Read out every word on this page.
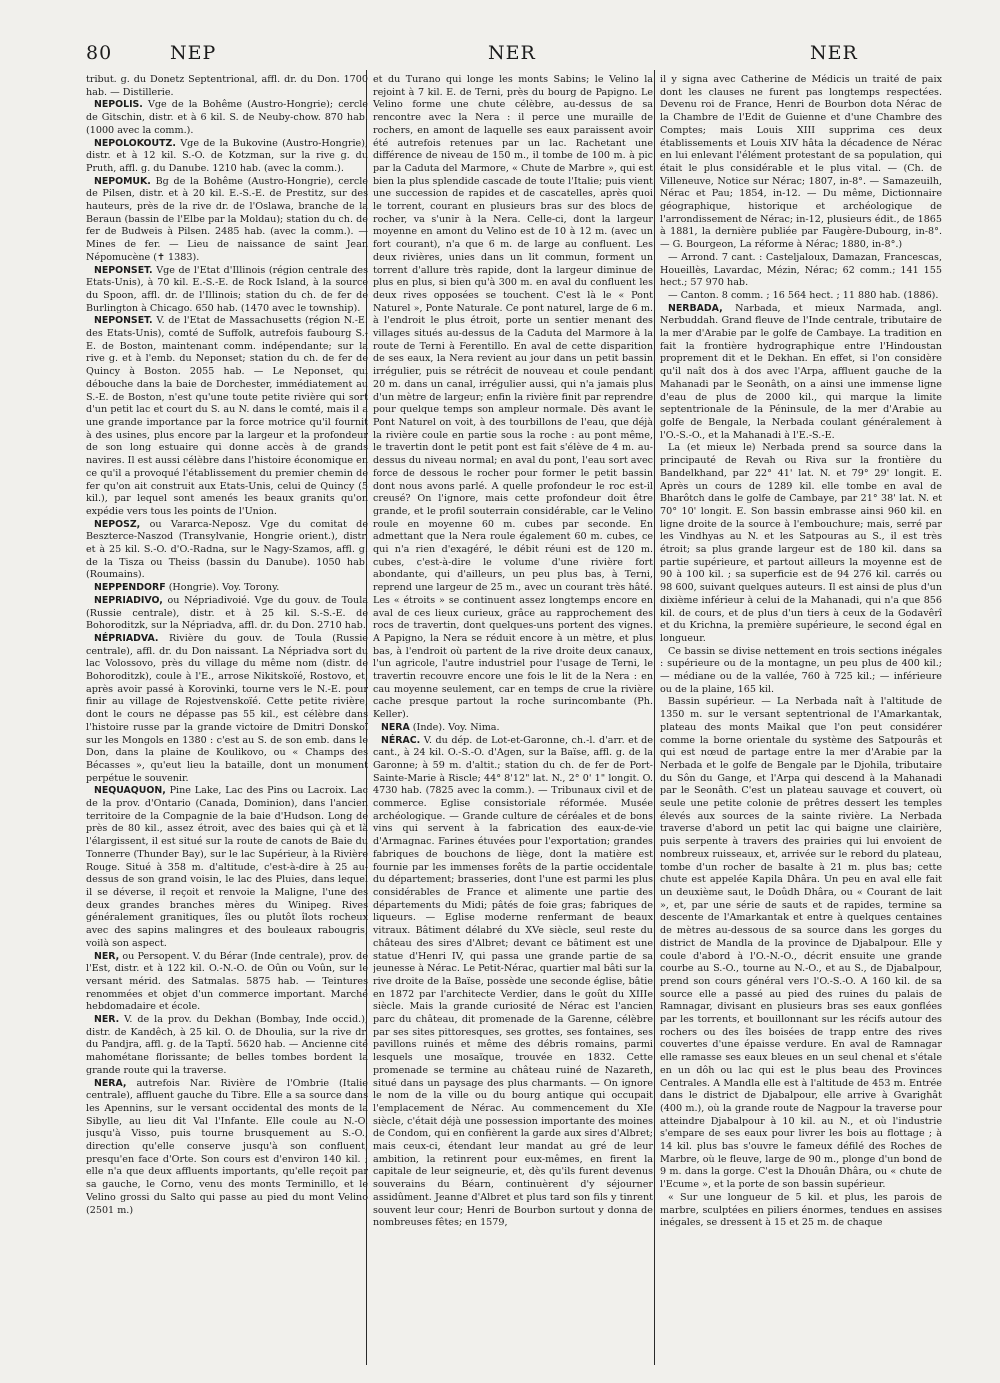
80	NEP	NER	NER

tribut. g. du Donetz Septentrional, affl. dr. du Don. 1700 hab. — Distillerie.

NEPOLIS. Vge de la Bohême (Austro-Hongrie); cercle de Gitschin, distr. et à 6 kil. S. de Neuby-chow. 870 hab. (1000 avec la comm.).

NEPOLOKOUTZ. Vge de la Bukovine (Austro-Hongrie), distr. et à 12 kil. S.-O. de Kotzman, sur la rive g. du Pruth, affl. g. du Danube. 1210 hab. (avec la comm.).

NEPOMUK. Bg de la Bohême (Austro-Hongrie), cercle de Pilsen, distr. et à 20 kil. E.-S.-E. de Prestitz, sur des hauteurs, près de la rive dr. de l'Oslawa, branche de la Beraun (bassin de l'Elbe par la Moldau); station du ch. de fer de Budweis à Pilsen. 2485 hab. (avec la comm.). — Mines de fer. — Lieu de naissance de saint Jean Népomucène (✝ 1383).

NEPONSET. Vge de l'Etat d'Illinois (région centrale des Etats-Unis), à 70 kil. E.-S.-E. de Rock Island, à la source du Spoon, affl. dr. de l'Illinois; station du ch. de fer de Burlington à Chicago. 650 hab. (1470 avec le township).

NEPONSET. V. de l'Etat de Massachusetts (région N.-E. des Etats-Unis), comté de Suffolk, autrefois faubourg S.-E. de Boston, maintenant comm. indépendante; sur la rive g. et à l'emb. du Neponset; station du ch. de fer de Quincy à Boston. 2055 hab. — Le Neponset, qui débouche dans la baie de Dorchester, immédiatement au S.-E. de Boston, n'est qu'une toute petite rivière qui sort d'un petit lac et court du S. au N. dans le comté, mais il a une grande importance par la force motrice qu'il fournit à des usines, plus encore par la largeur et la profondeur de son long estuaire qui donne accès à de grands navires. Il est aussi célèbre dans l'histoire économique en ce qu'il a provoqué l'établissement du premier chemin de fer qu'on ait construit aux Etats-Unis, celui de Quincy (5 kil.), par lequel sont amenés les beaux granits qu'on expédie vers tous les points de l'Union.

NEPOSZ, ou Vararca-Neposz. Vge du comitat de Beszterce-Naszod (Transylvanie, Hongrie orient.), distr. et à 25 kil. S.-O. d'O.-Radna, sur le Nagy-Szamos, affl. g. de la Tisza ou Theiss (bassin du Danube). 1050 hab. (Roumains).

NEPPENDORF (Hongrie). Voy. Torony.

NEPRIADIVO, ou Népriadivoié. Vge du gouv. de Toula (Russie centrale), distr. et à 25 kil. S.-S.-E. de Bohoroditzk, sur la Népriadva, affl. dr. du Don. 2710 hab.

NÉPRIADVA. Rivière du gouv. de Toula (Russie centrale), affl. dr. du Don naissant. La Népriadva sort du lac Volossovo, près du village du même nom (distr. de Bohoroditzk), coule à l'E., arrose Nikitskoïé, Rostovo, et, après avoir passé à Korovinki, tourne vers le N.-E. pour finir au village de Rojestvenskoïé. Cette petite rivière, dont le cours ne dépasse pas 55 kil., est célèbre dans l'histoire russe par la grande victoire de Dmitri Donskoï sur les Mongols en 1380 : c'est au S. de son emb. dans le Don, dans la plaine de Koulikovo, ou « Champs des Bécasses », qu'eut lieu la bataille, dont un monument perpétue le souvenir.

NEQUAQUON, Pine Lake, Lac des Pins ou Lacroix. Lac de la prov. d'Ontario (Canada, Dominion), dans l'ancien territoire de la Compagnie de la baie d'Hudson. Long de près de 80 kil., assez étroit, avec des baies qui çà et là l'élargissent, il est situé sur la route de canots de Baie du Tonnerre (Thunder Bay), sur le lac Supérieur, à la Rivière Rouge. Situé à 358 m. d'altitude, c'est-à-dire à 25 au-dessus de son grand voisin, le lac des Pluies, dans lequel il se déverse, il reçoit et renvoie la Maligne, l'une des deux grandes branches mères du Winipeg. Rives généralement granitiques, îles ou plutôt îlots rocheux avec des sapins malingres et des bouleaux rabougris, voilà son aspect.

NER, ou Persopent. V. du Bérar (Inde centrale), prov. de l'Est, distr. et à 122 kil. O.-N.-O. de Oûn ou Voûn, sur le versant mérid. des Satmalas. 5875 hab. — Teintures renommées et objet d'un commerce important. Marché hebdomadaire et école.

NER. V. de la prov. du Dekhan (Bombay, Inde occid.), distr. de Kandêch, à 25 kil. O. de Dhoulia, sur la rive dr. du Pandjra, affl. g. de la Taptî. 5620 hab. — Ancienne cité mahométane florissante; de belles tombes bordent la grande route qui la traverse.

NERA, autrefois Nar. Rivière de l'Ombrie (Italie centrale), affluent gauche du Tibre. Elle a sa source dans les Apennins, sur le versant occidental des monts de la Sibylle, au lieu dit Val l'Infante. Elle coule au N.-O. jusqu'à Visso, puis tourne brusquement au S.-O., direction qu'elle conserve jusqu'à son confluent, presqu'en face d'Orte. Son cours est d'environ 140 kil. ; elle n'a que deux affluents importants, qu'elle reçoit par sa gauche, le Corno, venu des monts Terminillo, et le Velino grossi du Salto qui passe au pied du mont Velino (2501 m.)

et du Turano qui longe les monts Sabins; le Velino la rejoint à 7 kil. E. de Terni, près du bourg de Papigno. Le Velino forme une chute célèbre, au-dessus de sa rencontre avec la Nera : il perce une muraille de rochers, en amont de laquelle ses eaux paraissent avoir été autrefois retenues par un lac. Rachetant une différence de niveau de 150 m., il tombe de 100 m. à pic par la Caduta del Marmore, « Chute de Marbre », qui est bien la plus splendide cascade de toute l'Italie; puis vient une succession de rapides et de cascatelles, après quoi le torrent, courant en plusieurs bras sur des blocs de rocher, va s'unir à la Nera. Celle-ci, dont la largeur moyenne en amont du Velino est de 10 à 12 m. (avec un fort courant), n'a que 6 m. de large au confluent. Les deux rivières, unies dans un lit commun, forment un torrent d'allure très rapide, dont la largeur diminue de plus en plus, si bien qu'à 300 m. en aval du confluent les deux rives opposées se touchent. C'est là le « Pont Naturel », Ponte Naturale. Ce pont naturel, large de 6 m. à l'endroit le plus étroit, porte un sentier menant des villages situés au-dessus de la Caduta del Marmore à la route de Terni à Ferentillo. En aval de cette disparition de ses eaux, la Nera revient au jour dans un petit bassin irrégulier, puis se rétrécit de nouveau et coule pendant 20 m. dans un canal, irrégulier aussi, qui n'a jamais plus d'un mètre de largeur; enfin la rivière finit par reprendre pour quelque temps son ampleur normale. Dès avant le Pont Naturel on voit, à des tourbillons de l'eau, que déjà la rivière coule en partie sous la roche : au pont même, le travertin dont le petit pont est fait s'élève de 4 m. au-dessus du niveau normal; en aval du pont, l'eau sort avec force de dessous le rocher pour former le petit bassin dont nous avons parlé. A quelle profondeur le roc est-il creusé? On l'ignore, mais cette profondeur doit être grande, et le profil souterrain considérable, car le Velino roule en moyenne 60 m. cubes par seconde. En admettant que la Nera roule également 60 m. cubes, ce qui n'a rien d'exagéré, le débit réuni est de 120 m. cubes, c'est-à-dire le volume d'une rivière fort abondante, qui d'ailleurs, un peu plus bas, à Terni, reprend une largeur de 25 m., avec un courant très hâté. Les « étroits » se continuent assez longtemps encore en aval de ces lieux curieux, grâce au rapprochement des rocs de travertin, dont quelques-uns portent des vignes. A Papigno, la Nera se réduit encore à un mètre, et plus bas, à l'endroit où partent de la rive droite deux canaux, l'un agricole, l'autre industriel pour l'usage de Terni, le travertin recouvre encore une fois le lit de la Nera : en cau moyenne seulement, car en temps de crue la rivière cache presque partout la roche surincombante (Ph. Keller).

NERA (Inde). Voy. Nima.

NÉRAC. V. du dép. de Lot-et-Garonne, ch.-l. d'arr. et de cant., à 24 kil. O.-S.-O. d'Agen, sur la Baïse, affl. g. de la Garonne; à 59 m. d'altit.; station du ch. de fer de Port-Sainte-Marie à Riscle; 44° 8'12" lat. N., 2° 0' 1" longit. O. 4730 hab. (7825 avec la comm.). — Tribunaux civil et de commerce. Eglise consistoriale réformée. Musée archéologique. — Grande culture de céréales et de bons vins qui servent à la fabrication des eaux-de-vie d'Armagnac. Farines étuvées pour l'exportation; grandes fabriques de bouchons de liège, dont la matière est fournie par les immenses forêts de la partie occidentale du département; brasseries, dont l'une est parmi les plus considérables de France et alimente une partie des départements du Midi; pâtés de foie gras; fabriques de liqueurs. — Eglise moderne renfermant de beaux vitraux. Bâtiment délabré du XVe siècle, seul reste du château des sires d'Albret; devant ce bâtiment est une statue d'Henri IV, qui passa une grande partie de sa jeunesse à Nérac. Le Petit-Nérac, quartier mal bâti sur la rive droite de la Baïse, possède une seconde église, bâtie en 1872 par l'architecte Verdier, dans le goût du XIIIe siècle. Mais la grande curiosité de Nérac est l'ancien parc du château, dit promenade de la Garenne, célèbre par ses sites pittoresques, ses grottes, ses fontaines, ses pavillons ruinés et même des débris romains, parmi lesquels une mosaïque, trouvée en 1832. Cette promenade se termine au château ruiné de Nazareth, situé dans un paysage des plus charmants. — On ignore le nom de la ville ou du bourg antique qui occupait l'emplacement de Nérac. Au commencement du XIe siècle, c'était déjà une possession importante des moines de Condom, qui en confièrent la garde aux sires d'Albret; mais ceux-ci, étendant leur mandat au gré de leur ambition, la retinrent pour eux-mêmes, en firent la capitale de leur seigneurie, et, dès qu'ils furent devenus souverains du Béarn, continuèrent d'y séjourner assidûment. Jeanne d'Albret et plus tard son fils y tinrent souvent leur cour; Henri de Bourbon surtout y donna de nombreuses fêtes; en 1579,

il y signa avec Catherine de Médicis un traité de paix dont les clauses ne furent pas longtemps respectées. Devenu roi de France, Henri de Bourbon dota Nérac de la Chambre de l'Edit de Guienne et d'une Chambre des Comptes; mais Louis XIII supprima ces deux établissements et Louis XIV hâta la décadence de Nérac en lui enlevant l'élément protestant de sa population, qui était le plus considérable et le plus vital. — (Ch. de Villeneuve, Notice sur Nérac; 1807, in-8°. — Samazeuilh, Nérac et Pau; 1854, in-12. — Du même, Dictionnaire géographique, historique et archéologique de l'arrondissement de Nérac; in-12, plusieurs édit., de 1865 à 1881, la dernière publiée par Faugère-Dubourg, in-8°. — G. Bourgeon, La réforme à Nérac; 1880, in-8°.)

— Arrond. 7 cant. : Casteljaloux, Damazan, Francescas, Houeillès, Lavardac, Mézin, Nérac; 62 comm.; 141 155 hect.; 57 970 hab.

— Canton. 8 comm. ; 16 564 hect. ; 11 880 hab. (1886).

NERBADA, Narbada, et mieux Narmada, angl. Nerbuddah. Grand fleuve de l'Inde centrale, tributaire de la mer d'Arabie par le golfe de Cambaye. La tradition en fait la frontière hydrographique entre l'Hindoustan proprement dit et le Dekhan. En effet, si l'on considère qu'il naît dos à dos avec l'Arpa, affluent gauche de la Mahanadi par le Seonâth, on a ainsi une immense ligne d'eau de plus de 2000 kil., qui marque la limite septentrionale de la Péninsule, de la mer d'Arabie au golfe de Bengale, la Nerbada coulant généralement à l'O.-S.-O., et la Mahanadi à l'E.-S.-E.

La (et mieux le) Nerbada prend sa source dans la principauté de Revah ou Riva sur la frontière du Bandelkhand, par 22° 41' lat. N. et 79° 29' longit. E. Après un cours de 1289 kil. elle tombe en aval de Bharôtch dans le golfe de Cambaye, par 21° 38' lat. N. et 70° 10' longit. E. Son bassin embrasse ainsi 960 kil. en ligne droite de la source à l'embouchure; mais, serré par les Vindhyas au N. et les Satpouras au S., il est très étroit; sa plus grande largeur est de 180 kil. dans sa partie supérieure, et partout ailleurs la moyenne est de 90 à 100 kil. ; sa superficie est de 94 276 kil. carrés ou 98 600, suivant quelques auteurs. Il est ainsi de plus d'un dixième inférieur à celui de la Mahanadi, qui n'a que 856 kil. de cours, et de plus d'un tiers à ceux de la Godavêrî et du Krichna, la première supérieure, le second égal en longueur.

Ce bassin se divise nettement en trois sections inégales : supérieure ou de la montagne, un peu plus de 400 kil.; — médiane ou de la vallée, 760 à 725 kil.; — inférieure ou de la plaine, 165 kil.

Bassin supérieur. — La Nerbada naît à l'altitude de 1350 m. sur le versant septentrional de l'Amarkantak, plateau des monts Maikal que l'on peut considérer comme la borne orientale du système des Satpourâs et qui est nœud de partage entre la mer d'Arabie par la Nerbada et le golfe de Bengale par le Djohila, tributaire du Sôn du Gange, et l'Arpa qui descend à la Mahanadi par le Seonâth. C'est un plateau sauvage et couvert, où seule une petite colonie de prêtres dessert les temples élevés aux sources de la sainte rivière. La Nerbada traverse d'abord un petit lac qui baigne une clairière, puis serpente à travers des prairies qui lui envoient de nombreux ruisseaux, et, arrivée sur le rebord du plateau, tombe d'un rocher de basalte à 21 m. plus bas; cette chute est appelée Kapila Dhâra. Un peu en aval elle fait un deuxième saut, le Doûdh Dhâra, ou « Courant de lait », et, par une série de sauts et de rapides, termine sa descente de l'Amarkantak et entre à quelques centaines de mètres au-dessous de sa source dans les gorges du district de Mandla de la province de Djabalpour. Elle y coule d'abord à l'O.-N.-O., décrit ensuite une grande courbe au S.-O., tourne au N.-O., et au S., de Djabalpour, prend son cours général vers l'O.-S.-O. A 160 kil. de sa source elle a passé au pied des ruines du palais de Ramnagar, divisant en plusieurs bras ses eaux gonflées par les torrents, et bouillonnant sur les récifs autour des rochers ou des îles boisées de trapp entre des rives couvertes d'une épaisse verdure. En aval de Ramnagar elle ramasse ses eaux bleues en un seul chenal et s'étale en un dôh ou lac qui est le plus beau des Provinces Centrales. A Mandla elle est à l'altitude de 453 m. Entrée dans le district de Djabalpour, elle arrive à Gvarighât (400 m.), où la grande route de Nagpour la traverse pour atteindre Djabalpour à 10 kil. au N., et où l'industrie s'empare de ses eaux pour livrer les bois au flottage ; à 14 kil. plus bas s'ouvre le fameux défilé des Roches de Marbre, où le fleuve, large de 90 m., plonge d'un bond de 9 m. dans la gorge. C'est la Dhouân Dhâra, ou « chute de l'Ecume », et la porte de son bassin supérieur.

« Sur une longueur de 5 kil. et plus, les parois de marbre, sculptées en piliers énormes, tendues en assises inégales, se dressent à 15 et 25 m. de chaque
